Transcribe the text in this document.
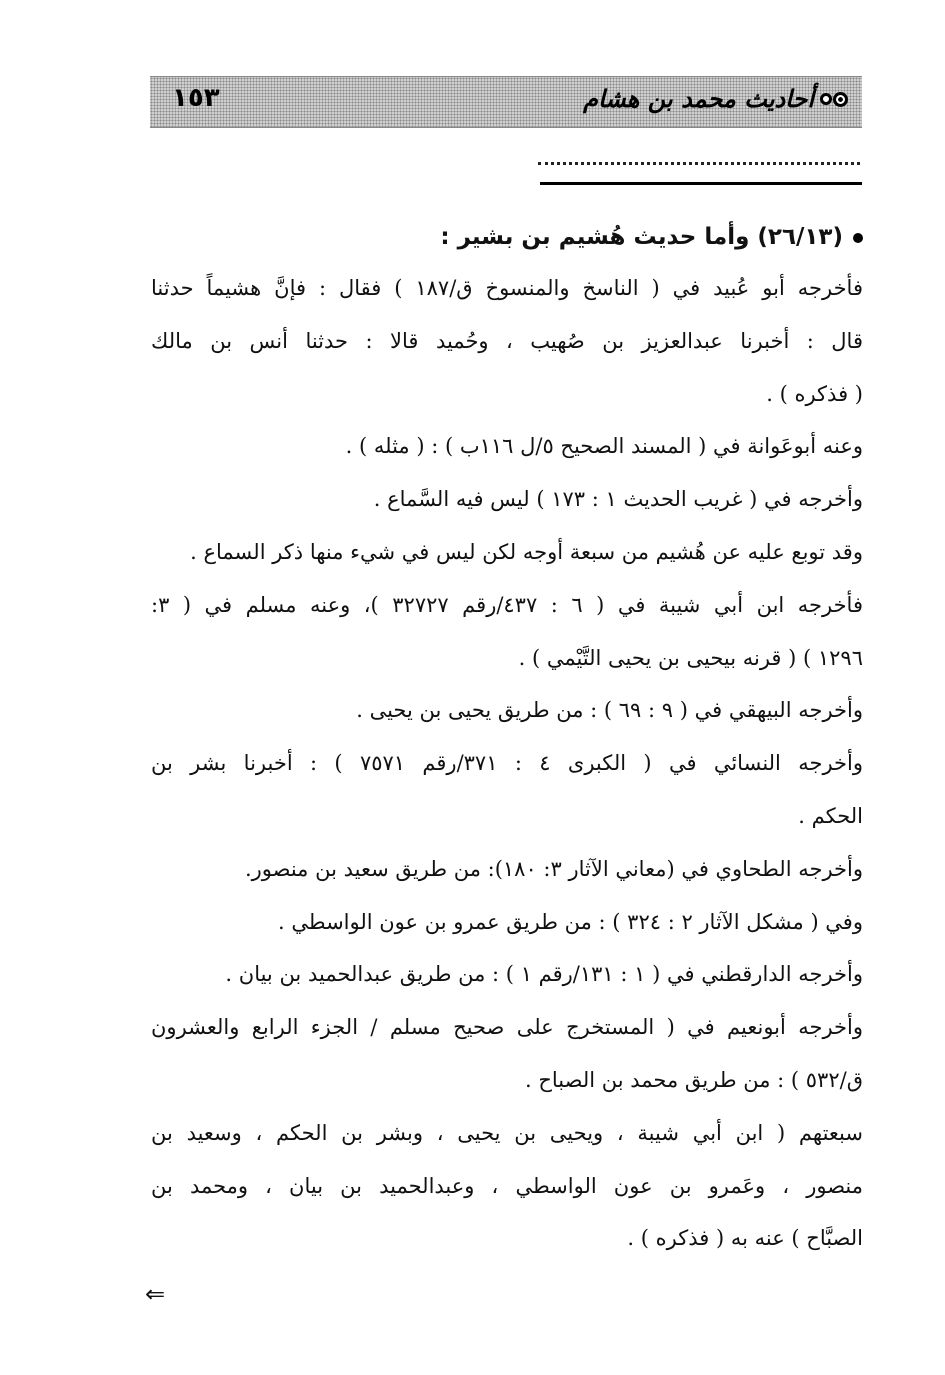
أحاديث محمد بن هشام
١٥٣
(٢٦/١٣) وأما حديث هُشيم بن بشير :
فأخرجه أبو عُبيد في ( الناسخ والمنسوخ ق/١٨٧ ) فقال : فإنَّ هشيماً حدثنا
قال : أخبرنا عبدالعزيز بن صُهيب ، وحُميد قالا : حدثنا أنس بن مالك
( فذكره ) .
وعنه أبوعَوانة في ( المسند الصحيح ٥/ل ١١٦ب ) : ( مثله ) .
وأخرجه في ( غريب الحديث ١ : ١٧٣ ) ليس فيه السَّماع .
وقد توبع عليه عن هُشيم من سبعة أوجه لكن ليس في شيء منها ذكر السماع .
فأخرجه ابن أبي شيبة في ( ٦ : ٤٣٧/رقم ٣٢٧٢٧ )، وعنه مسلم في ( ٣:
١٢٩٦ ) ( قرنه بيحيى بن يحيى التَّيْمي ) .
وأخرجه البيهقي في ( ٩ : ٦٩ ) : من طريق يحيى بن يحيى .
وأخرجه النسائي في ( الكبرى ٤ : ٣٧١/رقم ٧٥٧١ ) : أخبرنا بشر بن
الحكم .
وأخرجه الطحاوي في (معاني الآثار ٣: ١٨٠): من طريق سعيد بن منصور.
وفي ( مشكل الآثار ٢ : ٣٢٤ ) : من طريق عمرو بن عون الواسطي .
وأخرجه الدارقطني في ( ١ : ١٣١/رقم ١ ) : من طريق عبدالحميد بن بيان .
وأخرجه أبونعيم في ( المستخرج على صحيح مسلم / الجزء الرابع والعشرون
ق/٥٣٢ ) : من طريق محمد بن الصباح .
سبعتهم ( ابن أبي شيبة ، ويحيى بن يحيى ، وبشر بن الحكم ، وسعيد بن
منصور ، وعَمرو بن عون الواسطي ، وعبدالحميد بن بيان ، ومحمد بن
الصبَّاح ) عنه به ( فذكره ) .
⇐
